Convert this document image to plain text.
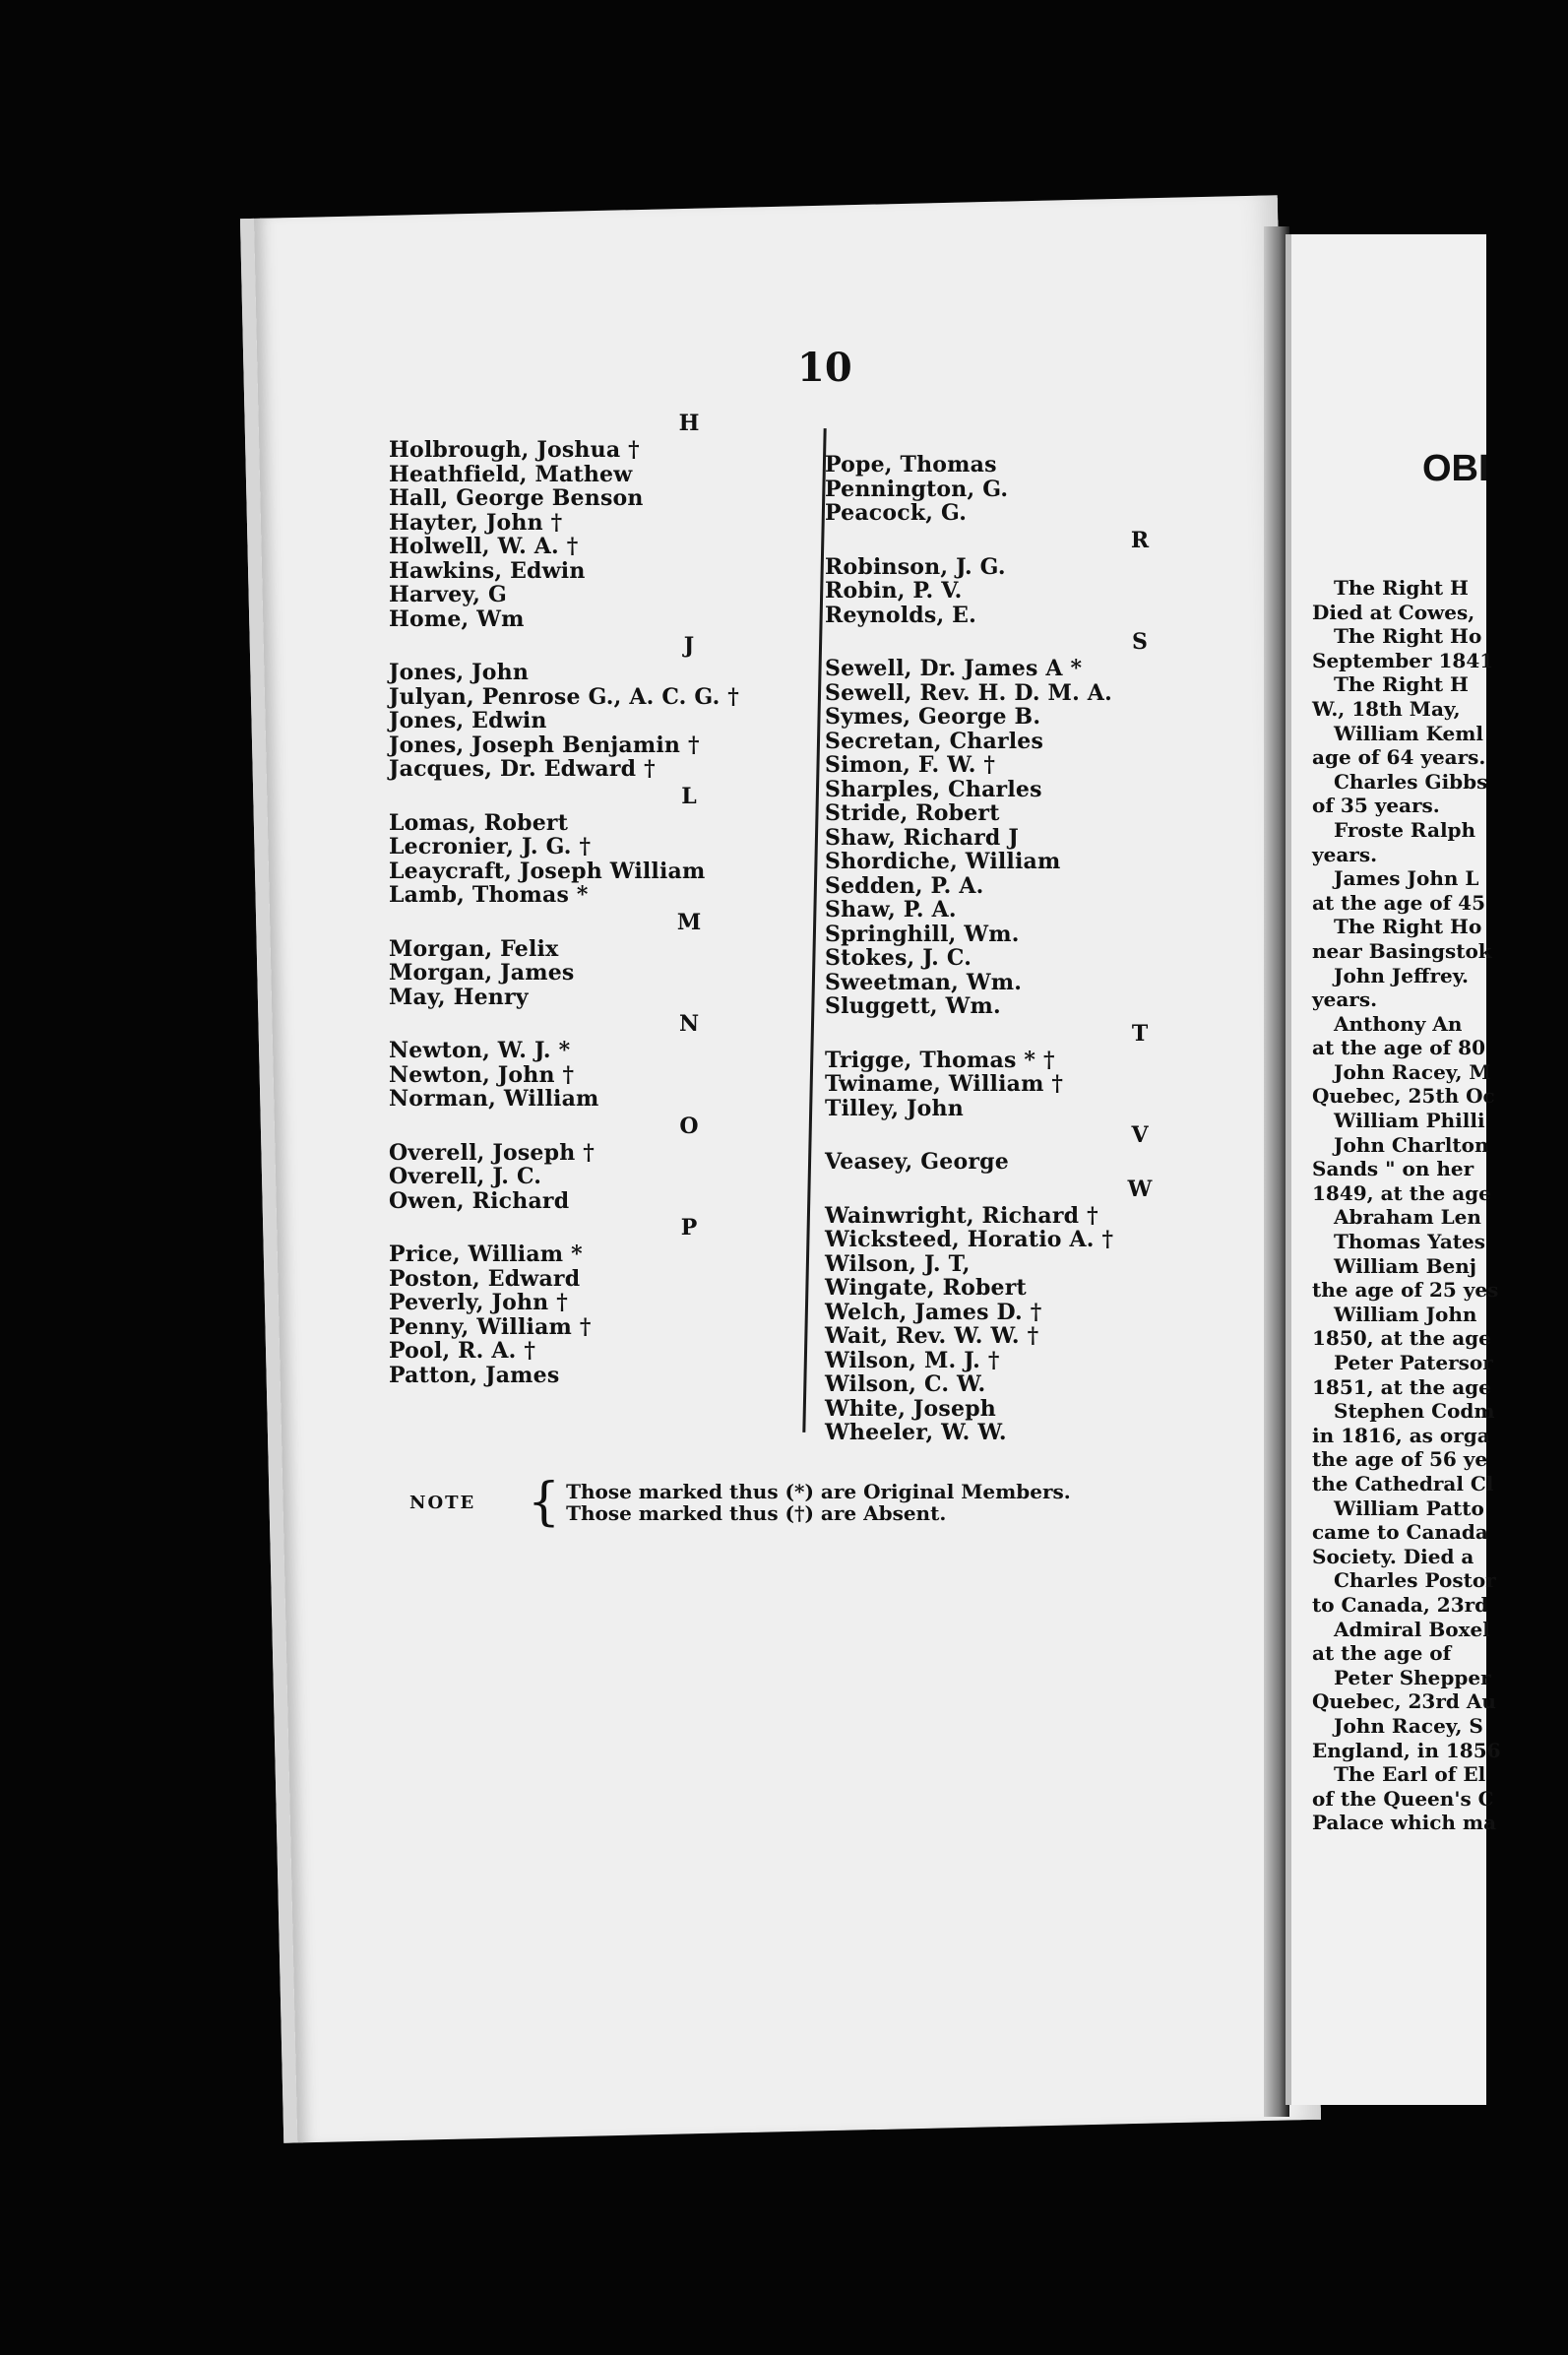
10
H
Holbrough, Joshua †
Heathfield, Mathew
Hall, George Benson
Hayter, John †
Holwell, W. A. †
Hawkins, Edwin
Harvey, G
Home, Wm
J
Jones, John
Julyan, Penrose G., A. C. G. †
Jones, Edwin
Jones, Joseph Benjamin †
Jacques, Dr. Edward †
L
Lomas, Robert
Lecronier, J. G. †
Leaycraft, Joseph William
Lamb, Thomas *
M
Morgan, Felix
Morgan, James
May, Henry
N
Newton, W. J. *
Newton, John †
Norman, William
O
Overell, Joseph †
Overell, J. C.
Owen, Richard
P
Price, William *
Poston, Edward
Peverly, John †
Penny, William †
Pool, R. A. †
Patton, James
Pope, Thomas
Pennington, G.
Peacock, G.
R
Robinson, J. G.
Robin, P. V.
Reynolds, E.
S
Sewell, Dr. James A *
Sewell, Rev. H. D. M. A.
Symes, George B.
Secretan, Charles
Simon, F. W. †
Sharples, Charles
Stride, Robert
Shaw, Richard J
Shordiche, William
Sedden, P. A.
Shaw, P. A.
Springhill, Wm.
Stokes, J. C.
Sweetman, Wm.
Sluggett, Wm.
T
Trigge, Thomas * †
Twiname, William †
Tilley, John
V
Veasey, George
W
Wainwright, Richard †
Wicksteed, Horatio A. †
Wilson, J. T,
Wingate, Robert
Welch, James D. †
Wait, Rev. W. W. †
Wilson, M. J. †
Wilson, C. W.
White, Joseph
Wheeler, W. W.
NOTE	{ Those marked thus (*) are Original Members.
Those marked thus (†) are Absent.
OBI
The Right H
Died at Cowes,
The Right Ho
September 1841
The Right H
W., 18th May,
William Keml
age of 64 years.
Charles Gibbs
of 35 years.
Froste Ralph
years.
James John L
at the age of 45
The Right Ho
near Basingstok
John Jeffrey.
years.
Anthony An
at the age of 80
John Racey, M
Quebec, 25th Oc
William Philli
John Charlton
Sands " on her
1849, at the age
Abraham Len
Thomas Yates
William Benj
the age of 25 yes
William John
1850, at the age
Peter Patersor
1851, at the age
Stephen Codm
in 1816, as orga
the age of 56 ye
the Cathedral Cl
William Patto
came to Canada
Society. Died a
Charles Postor
to Canada, 23rd
Admiral Boxel
at the age of
Peter Shepper
Quebec, 23rd Au
John Racey, S
England, in 1856
The Earl of El
of the Queen's C
Palace which ma
